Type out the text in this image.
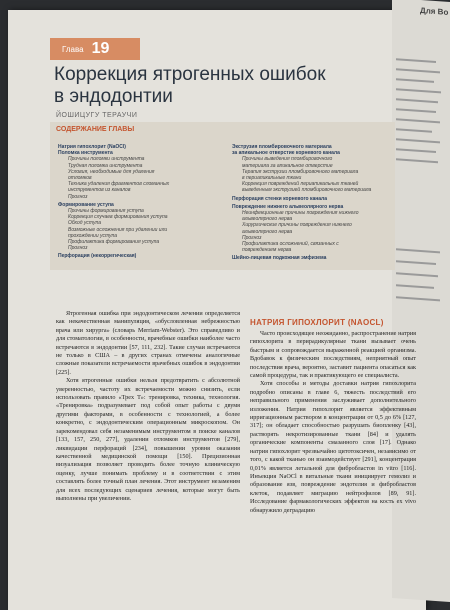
Для Во
Глава 19
Коррекция ятрогенных ошибок
в эндодонтии
ЙОШИЦУГУ ТЕРАУЧИ
СОДЕРЖАНИЕ ГЛАВЫ
Натрия гипохлорит (NaOCl)
Поломка инструмента
Причины поломки инструмента
Трудная поломка инструмента
Условия, необходимые для удаления
отломков
Техника удаления фрагментов сломанных
инструментов из каналов
Прогноз
Формирование уступа
Причины формирования уступа
Коррекция случаев формирования уступа
Обход уступа
Возможные осложнения при удалении или
прохождении уступа
Профилактика формирования уступа
Прогноз
Перфорация (некоррегическая)
Экструзия пломбировочного материала
за апикальное отверстие корневого канала
Причины выведения пломбировочного
материала за апикальное отверстие
Терапия экструзии пломбировочного материала
в периапикальные ткани
Коррекция повреждений периапикальных тканей
выведенным экструзией пломбировочного материала
Перфорация стенки корневого канала
Повреждение нижнего альвеолярного нерва
Неинфекционные причины повреждения нижнего
альвеолярного нерва
Хирургические причины повреждения нижнего
альвеолярного нерва
Прогноз
Профилактика осложнений, связанных с
повреждением нерва
Шейно-лицевая подкожная эмфизема

Ятрогенная ошибка при эндодонтическом лечении определяется как некачественная манипуляция, «обусловленная небрежностью врача или хирурга» (словарь Merriam-Webster). Это справедливо и для стоматологии, в особенности, врачебные ошибки наиболее часто встречаются в эндодонтии [57, 111, 232]. Такие случаи встречаются не только в США – в других странах отмечены аналогичные сложные показатели встречаемости врачебных ошибок в эндодонтии [225].

Хотя ятрогенные ошибки нельзя предотвратить с абсолютной уверенностью, частоту их встречаемости можно снизить, если использовать правило «Трех Т»: тренировка, техника, технология. «Тренировка» подразумевает под собой опыт работы с двумя другими факторами, в особенности с технологией, а более конкретно, с эндодонтическим операционным микроскопом. Он зарекомендовал себя незаменимым инструментом в поиске каналов [133, 157, 250, 277], удалении отломков инструментов [279], ликвидации перфораций [234], повышении уровня оказания качественной медицинской помощи [150]. Прецизионная визуализация позволяет проводить более точную клиническую оценку, лучше понимать проблему и в соответствии с этим составлять более точный план лечения. Этот инструмент незаменим для всех последующих сценариев лечения, которые могут быть выполнены при увеличении.

НАТРИЯ ГИПОХЛОРИТ (NAOCL)

Часто происходящее неожиданно, распространение натрия гипохлорита в перирадикулярные ткани вызывает очень быстрым и сопровождается выраженной реакцией организма. Вдобавок к физическим последствиям, неприятный опыт последствия врача, вероятно, заставит пациента опасаться как самой процедуры, так и практикующего ее специалиста.

Хотя способы и методы доставки натрия гипохлорита подробно описаны в главе 6, тяжесть последствий его неправильного применения заслуживает дополнительного изложения. Натрия гипохлорит является эффективным ирригационным раствором в концентрации от 0,5 до 6% [127, 317]; он обладает способностью разрушать биопленку [43], растворять некротизированные ткани [84] и удалять органические компоненты смазанного слоя [17]. Однако натрия гипохлорит чрезвычайно цитотоксичен, независимо от того, с какой тканью он взаимодействует [291], концентрация 0,01% является летальной для фибробластов in vitro [116]. Инъекция NaOCl в витальные ткани инициирует гемолиз и образование язв, повреждение эндотелия и фибробластов клеток, подавляет миграцию нейтрофилов [89, 91]. Исследование фармакологических эффектов на кость ex vivo обнаружило деградацию
